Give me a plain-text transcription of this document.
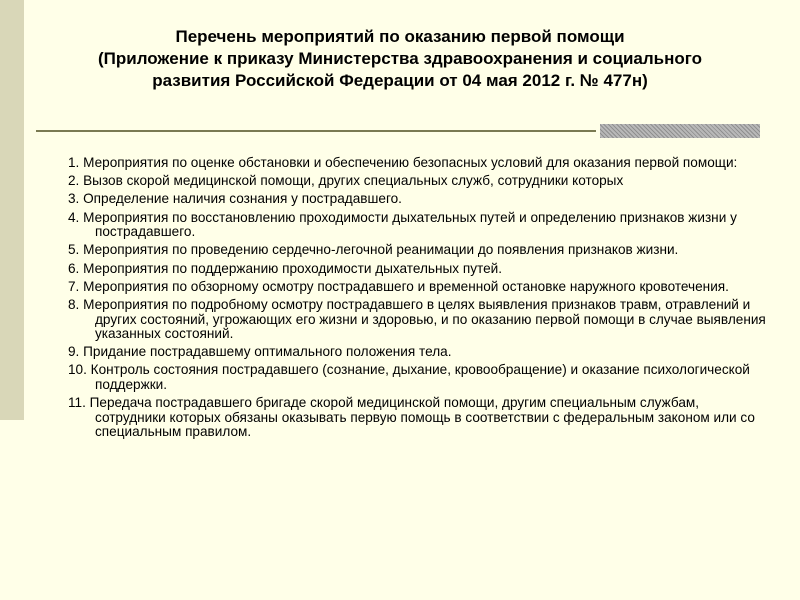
Перечень мероприятий по оказанию первой помощи
(Приложение к приказу Министерства здравоохранения и социального
развития Российской Федерации от 04 мая 2012 г. № 477н)
1. Мероприятия по оценке обстановки и обеспечению безопасных условий для оказания первой помощи:
2. Вызов скорой медицинской помощи, других специальных служб, сотрудники которых
3. Определение наличия сознания у пострадавшего.
4. Мероприятия по восстановлению проходимости дыхательных путей и определению признаков жизни у пострадавшего.
5. Мероприятия по проведению сердечно-легочной реанимации до появления признаков жизни.
6. Мероприятия по поддержанию проходимости дыхательных путей.
7. Мероприятия по обзорному осмотру пострадавшего и временной остановке наружного кровотечения.
8. Мероприятия по подробному осмотру пострадавшего в целях выявления признаков травм, отравлений и других состояний, угрожающих его жизни и здоровью, и по оказанию первой помощи в случае выявления указанных состояний.
9. Придание пострадавшему оптимального положения тела.
10. Контроль состояния пострадавшего (сознание, дыхание, кровообращение) и оказание психологической поддержки.
11. Передача пострадавшего бригаде скорой медицинской помощи, другим специальным службам, сотрудники которых обязаны оказывать первую помощь в соответствии с федеральным законом или со специальным правилом.
